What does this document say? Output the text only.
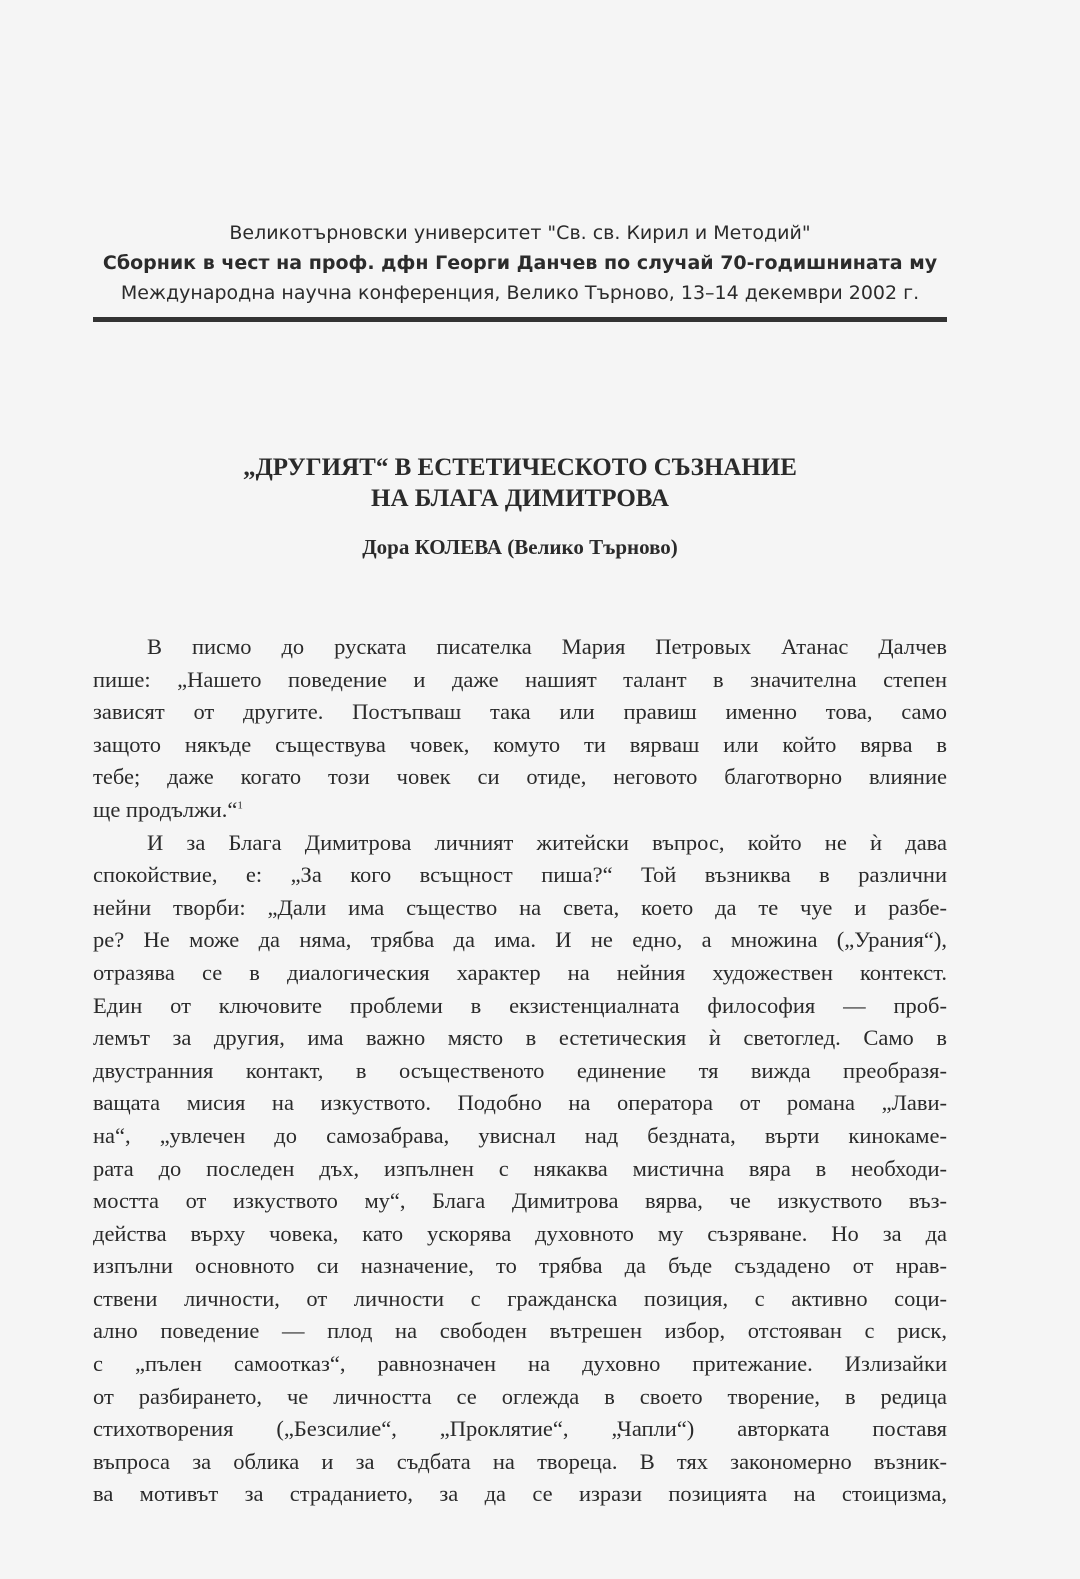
Великотърновски университет "Св. св. Кирил и Методий"
Сборник в чест на проф. дфн Георги Данчев по случай 70-годишнината му
Международна научна конференция, Велико Търново, 13–14 декември 2002 г.
„ДРУГИЯТ“ В ЕСТЕТИЧЕСКОТО СЪЗНАНИЕ
НА БЛАГА ДИМИТРОВА
Дора КОЛЕВА (Велико Търново)
В писмо до руската писателка Мария Петровых Атанас Далчев
пише: „Нашето поведение и даже нашият талант в значителна степен
зависят от другите. Постъпваш така или правиш именно това, само
защото някъде съществува човек, комуто ти вярваш или който вярва в
тебе; даже когато този човек си отиде, неговото благотворно влияние
ще продължи.“$^1$
И за Блага Димитрова личният житейски въпрос, който не ѝ дава
спокойствие, е: „За кого всъщност пиша?“ Той възниква в различни
нейни творби: „Дали има същество на света, което да те чуе и разбе-
ре? Не може да няма, трябва да има. И не едно, а множина („Урания“),
отразява се в диалогическия характер на нейния художествен контекст.
Един от ключовите проблеми в екзистенциалната философия — проб-
лемът за другия, има важно място в естетическия ѝ светоглед. Само в
двустранния контакт, в осъщественото единение тя вижда преобразя-
ващата мисия на изкуството. Подобно на оператора от романа „Лави-
на“, „увлечен до самозабрава, увиснал над бездната, върти кинокаме-
рата до последен дъх, изпълнен с някаква мистична вяра в необходи-
мостта от изкуството му“, Блага Димитрова вярва, че изкуството въз-
действа върху човека, като ускорява духовното му съзряване. Но за да
изпълни основното си назначение, то трябва да бъде създадено от нрав-
ствени личности, от личности с гражданска позиция, с активно соци-
ално поведение — плод на свободен вътрешен избор, отстояван с риск,
с „пълен самоотказ“, равнозначен на духовно притежание. Излизайки
от разбирането, че личността се оглежда в своето творение, в редица
стихотворения („Безсилие“, „Проклятие“, „Чапли“) авторката поставя
въпроса за облика и за съдбата на твореца. В тях закономерно възник-
ва мотивът за страданието, за да се изрази позицията на стоицизма,
